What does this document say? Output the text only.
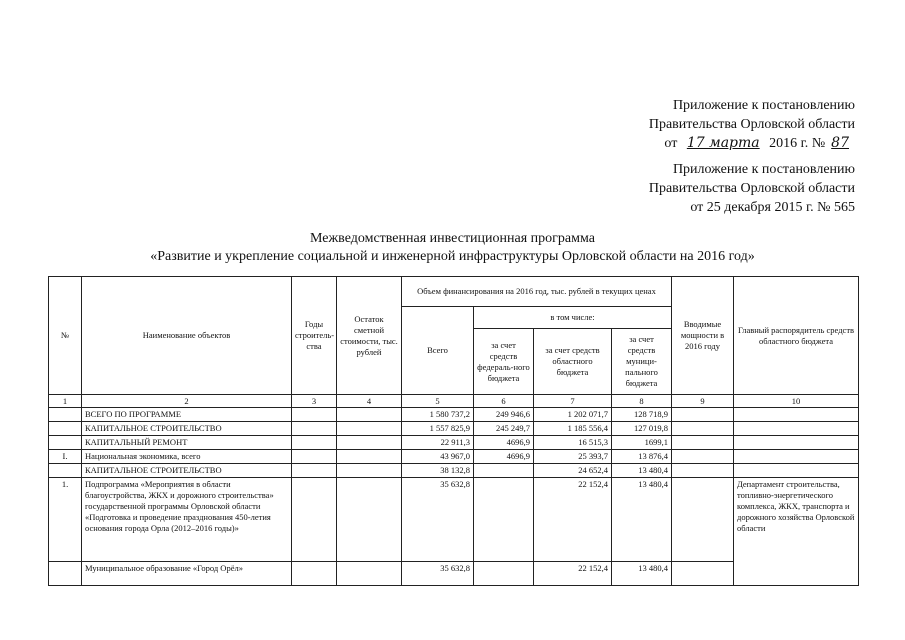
Приложение к постановлению
Правительства Орловской области
от 17 марта 2016 г. № 87
Приложение к постановлению
Правительства Орловской области
от 25 декабря 2015 г. № 565
Межведомственная инвестиционная программа
«Развитие и укрепление социальной и инженерной инфраструктуры Орловской области на 2016 год»
№	Наименование объектов	Годы строитель-ства	Остаток сметной стоимости, тыс. рублей	Объем финансирования на 2016 год, тыс. рублей в текущих ценах				Вводимые мощности в 2016 году	Главный распорядитель средств областного бюджета
				Всего	в том числе:				
					за счет средств федераль-ного бюджета	за счет средств областного бюджета	за счет средств муници-пального бюджета		
1	2	3	4	5	6	7	8	9	10
	ВСЕГО ПО ПРОГРАММЕ			1 580 737,2	249 946,6	1 202 071,7	128 718,9		
	КАПИТАЛЬНОЕ СТРОИТЕЛЬСТВО			1 557 825,9	245 249,7	1 185 556,4	127 019,8		
	КАПИТАЛЬНЫЙ РЕМОНТ			22 911,3	4696,9	16 515,3	1699,1		
I.	Национальная экономика, всего			43 967,0	4696,9	25 393,7	13 876,4		
	КАПИТАЛЬНОЕ СТРОИТЕЛЬСТВО			38 132,8		24 652,4	13 480,4		
1.	Подпрограмма «Мероприятия в области благоустройства, ЖКХ и дорожного строительства» государственной программы Орловской области «Подготовка и проведение празднования 450-летия основания города Орла (2012–2016 годы)»			35 632,8		22 152,4	13 480,4		Департамент строительства, топливно-энергетического комплекса, ЖКХ, транспорта и дорожного хозяйства Орловской области
	Муниципальное образование «Город Орёл»			35 632,8		22 152,4	13 480,4		
